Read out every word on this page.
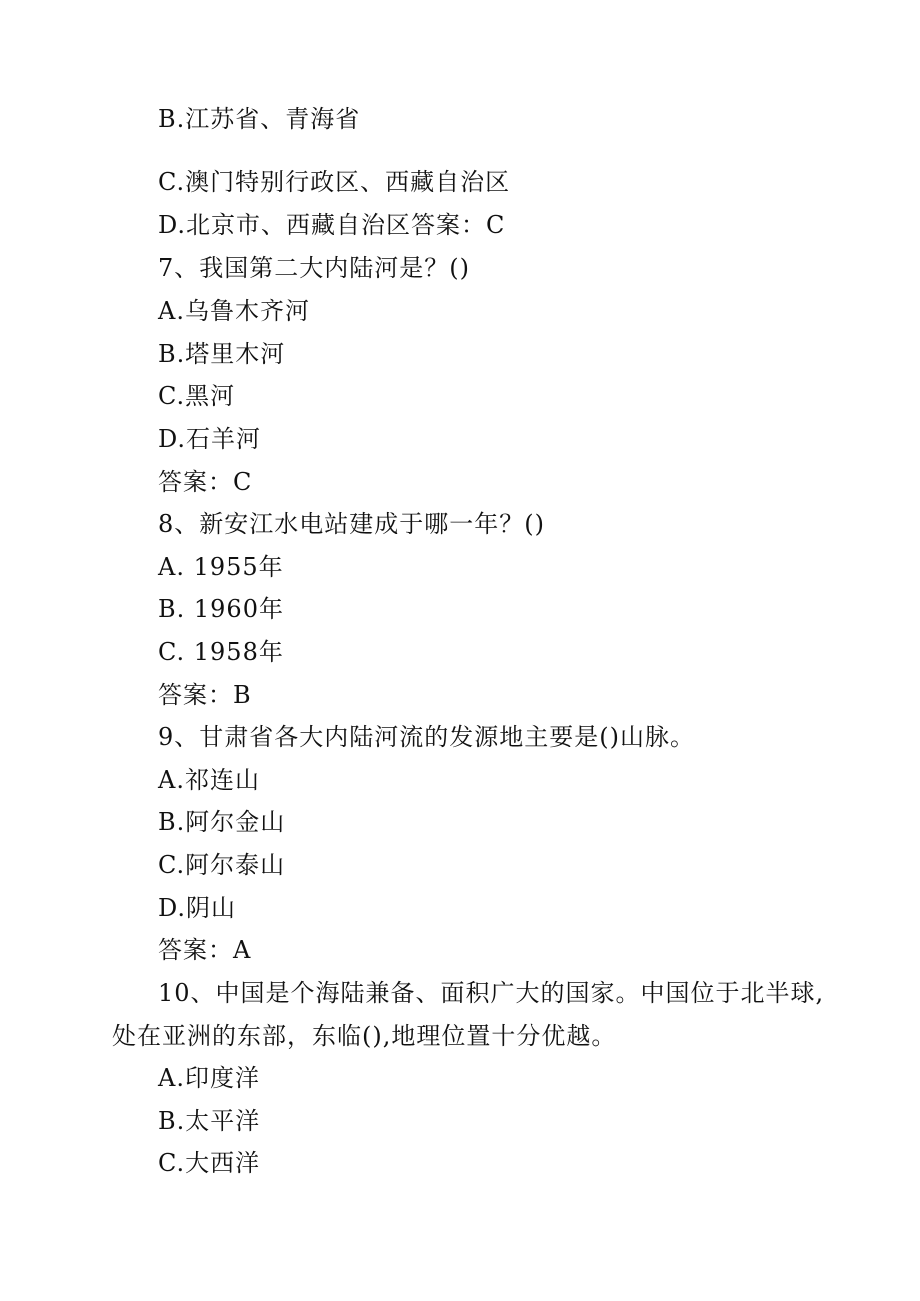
B.江苏省、青海省
C.澳门特别行政区、西藏自治区
D.北京市、西藏自治区答案：C
7、我国第二大内陆河是？()
A.乌鲁木齐河
B.塔里木河
C.黑河
D.石羊河
答案：C
8、新安江水电站建成于哪一年？()
A. 1955年
B. 1960年
C. 1958年
答案：B
9、甘肃省各大内陆河流的发源地主要是()山脉。
A.祁连山
B.阿尔金山
C.阿尔泰山
D.阴山
答案：A
10、中国是个海陆兼备、面积广大的国家。中国位于北半球,
处在亚洲的东部，东临(),地理位置十分优越。
A.印度洋
B.太平洋
C.大西洋
